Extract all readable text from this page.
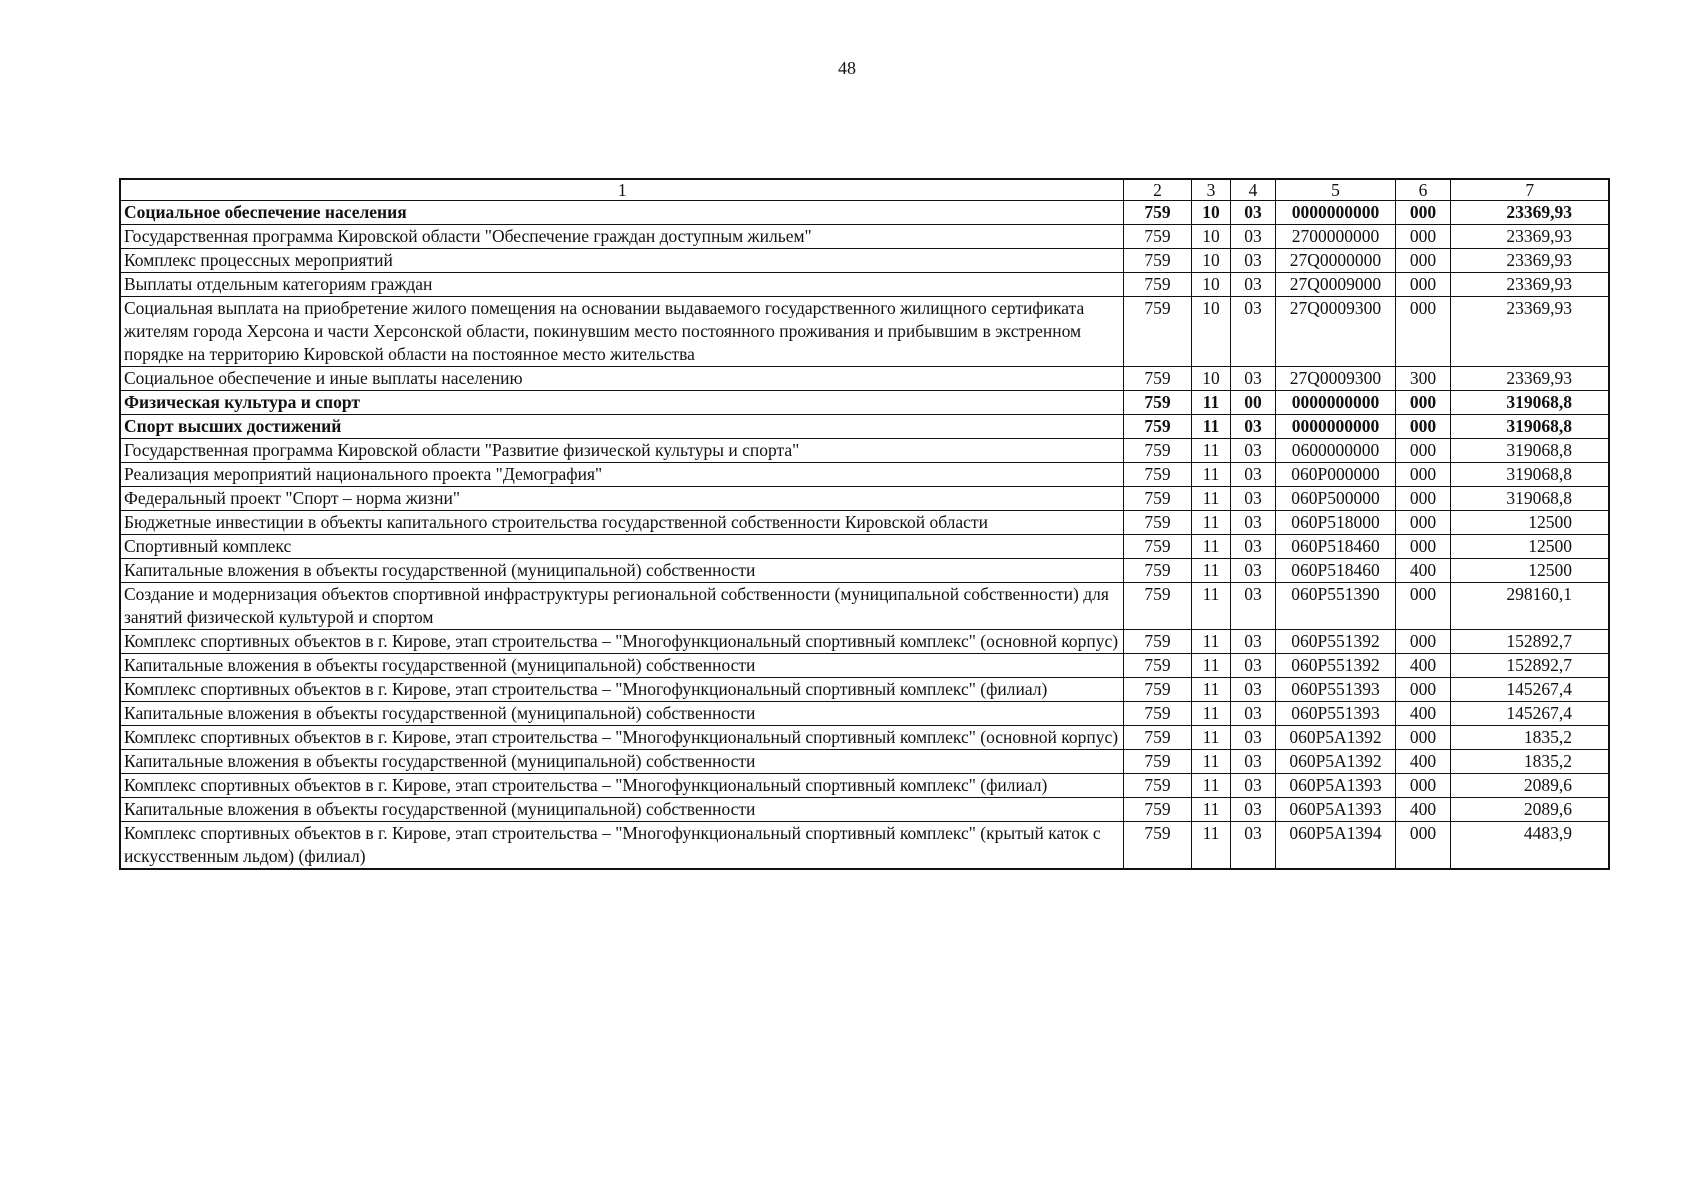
48
1	2	3	4	5	6	7
Социальное обеспечение населения	759	10	03	0000000000	000	23369,93
Государственная программа Кировской области "Обеспечение граждан доступным жильем"	759	10	03	2700000000	000	23369,93
Комплекс процессных мероприятий	759	10	03	27Q0000000	000	23369,93
Выплаты отдельным категориям граждан	759	10	03	27Q0009000	000	23369,93
Социальная выплата на приобретение жилого помещения на основании выдаваемого государственного жилищного сертификата жителям города Херсона и части Херсонской области, покинувшим место постоянного проживания и прибывшим в экстренном порядке на территорию Кировской области на постоянное место жительства	759	10	03	27Q0009300	000	23369,93
Социальное обеспечение и иные выплаты населению	759	10	03	27Q0009300	300	23369,93
Физическая культура и спорт	759	11	00	0000000000	000	319068,8
Спорт высших достижений	759	11	03	0000000000	000	319068,8
Государственная программа Кировской области "Развитие физической культуры и спорта"	759	11	03	0600000000	000	319068,8
Реализация мероприятий национального проекта "Демография"	759	11	03	060P000000	000	319068,8
Федеральный проект "Спорт – норма жизни"	759	11	03	060P500000	000	319068,8
Бюджетные инвестиции в объекты капитального строительства государственной собственности Кировской области	759	11	03	060P518000	000	12500
Спортивный комплекс	759	11	03	060P518460	000	12500
Капитальные вложения в объекты государственной (муниципальной) собственности	759	11	03	060P518460	400	12500
Создание и модернизация объектов спортивной инфраструктуры региональной собственности (муниципальной собственности) для занятий физической культурой и спортом	759	11	03	060P551390	000	298160,1
Комплекс спортивных объектов в г. Кирове, этап строительства – "Многофункциональный спортивный комплекс" (основной корпус)	759	11	03	060P551392	000	152892,7
Капитальные вложения в объекты государственной (муниципальной) собственности	759	11	03	060P551392	400	152892,7
Комплекс спортивных объектов в г. Кирове, этап строительства – "Многофункциональный спортивный комплекс" (филиал)	759	11	03	060P551393	000	145267,4
Капитальные вложения в объекты государственной (муниципальной) собственности	759	11	03	060P551393	400	145267,4
Комплекс спортивных объектов в г. Кирове, этап строительства – "Многофункциональный спортивный комплекс" (основной корпус)	759	11	03	060P5A1392	000	1835,2
Капитальные вложения в объекты государственной (муниципальной) собственности	759	11	03	060P5A1392	400	1835,2
Комплекс спортивных объектов в г. Кирове, этап строительства – "Многофункциональный спортивный комплекс" (филиал)	759	11	03	060P5A1393	000	2089,6
Капитальные вложения в объекты государственной (муниципальной) собственности	759	11	03	060P5A1393	400	2089,6
Комплекс спортивных объектов в г. Кирове, этап строительства – "Многофункциональный спортивный комплекс" (крытый каток с искусственным льдом) (филиал)	759	11	03	060P5A1394	000	4483,9
